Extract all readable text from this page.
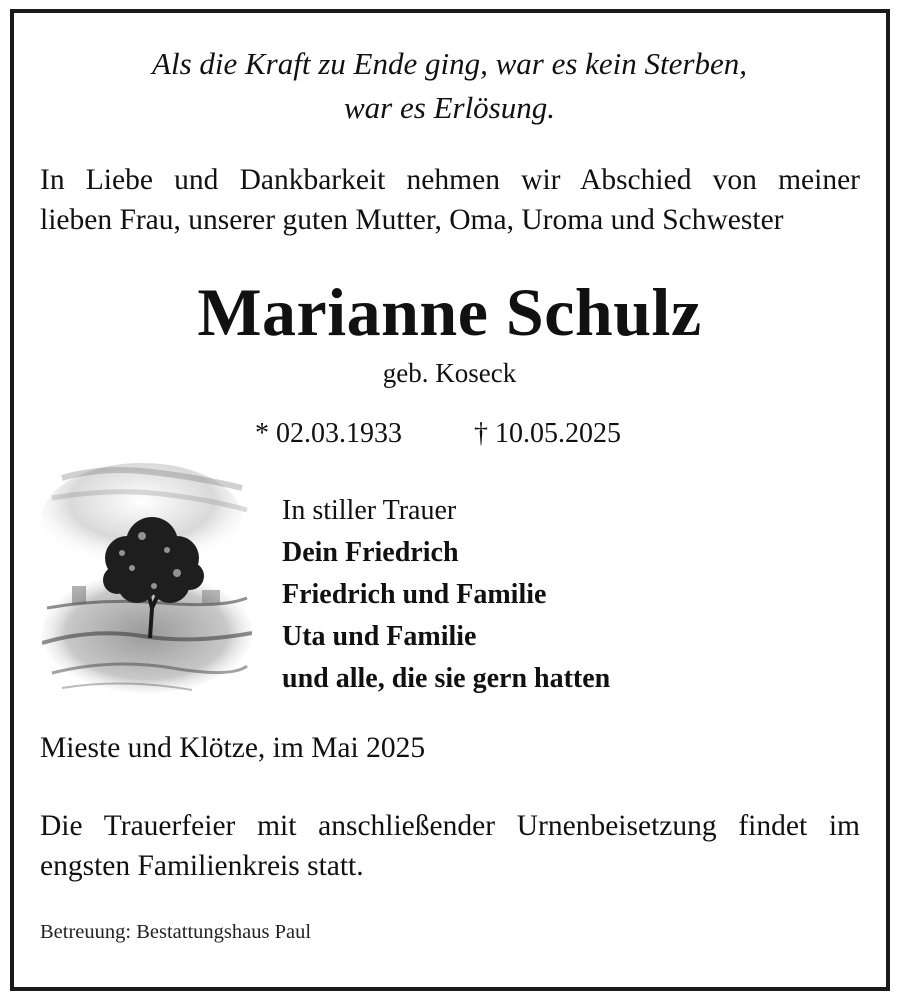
Als die Kraft zu Ende ging, war es kein Sterben,
war es Erlösung.
In Liebe und Dankbarkeit nehmen wir Abschied von meiner
lieben Frau, unserer guten Mutter, Oma, Uroma und Schwester
Marianne Schulz
geb. Koseck
* 02.03.1933	† 10.05.2025
In stiller Trauer
Dein Friedrich
Friedrich und Familie
Uta und Familie
und alle, die sie gern hatten
Mieste und Klötze, im Mai 2025
Die Trauerfeier mit anschließender Urnenbeisetzung findet im
engsten Familienkreis statt.
Betreuung: Bestattungshaus Paul
